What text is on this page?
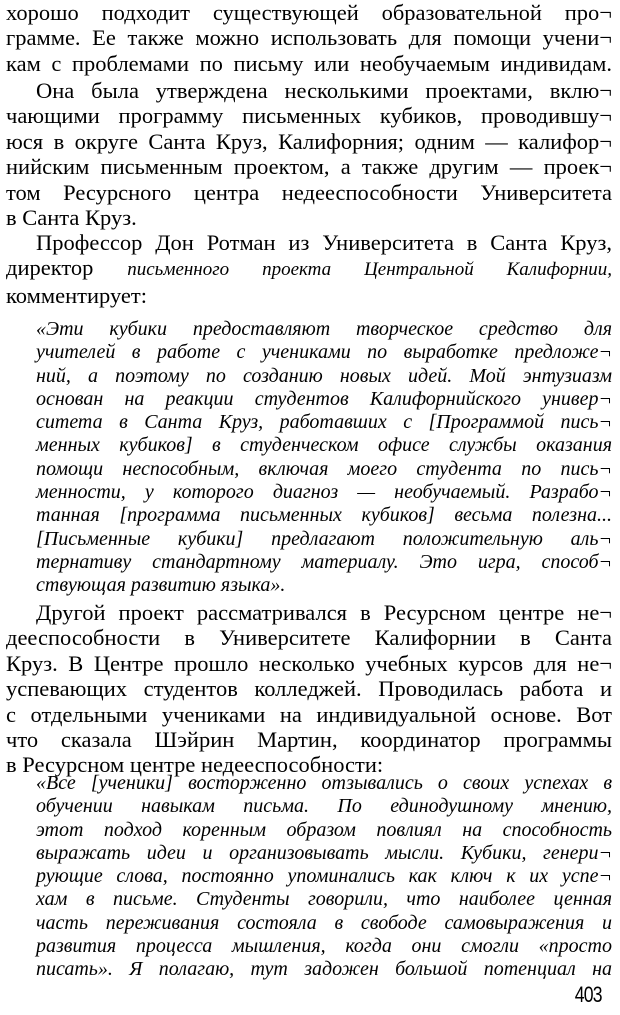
хорошо подходит существующей образовательной про¬
грамме. Ее также можно использовать для помощи учени¬
кам с проблемами по письму или необучаемым индивидам.
Она была утверждена несколькими проектами, вклю¬
чающими программу письменных кубиков, проводившу¬
юся в округе Санта Круз, Калифорния; одним — калифор¬
нийским письменным проектом, а также другим — проек¬
том Ресурсного центра недееспособности Университета
в Санта Круз.
Профессор Дон Ротман из Университета в Санта Круз,
директор письменного проекта Центральной Калифорнии,
комментирует:
«Эти кубики предоставляют творческое средство для
учителей в работе с учениками по выработке предложе¬
ний, а поэтому по созданию новых идей. Мой энтузиазм
основан на реакции студентов Калифорнийского универ¬
ситета в Санта Круз, работавших с [Программой пись¬
менных кубиков] в студенческом офисе службы оказания
помощи неспособным, включая моего студента по пись¬
менности, у которого диагноз — необучаемый. Разрабо¬
танная [программа письменных кубиков] весьма полезна...
[Письменные кубики] предлагают положительную аль¬
тернативу стандартному материалу. Это игра, способ¬
ствующая развитию языка».
Другой проект рассматривался в Ресурсном центре не¬
дееспособности в Университете Калифорнии в Санта
Круз. В Центре прошло несколько учебных курсов для не¬
успевающих студентов колледжей. Проводилась работа и
с отдельными учениками на индивидуальной основе. Вот
что сказала Шэйрин Мартин, координатор программы
в Ресурсном центре недееспособности:
«Все [ученики] восторженно отзывались о своих успехах в
обучении навыкам письма. По единодушному мнению,
этот подход коренным образом повлиял на способность
выражать идеи и организовывать мысли. Кубики, генери¬
рующие слова, постоянно упоминались как ключ к их успе¬
хам в письме. Студенты говорили, что наиболее ценная
часть переживания состояла в свободе самовыражения и
развития процесса мышления, когда они смогли «просто
писать». Я полагаю, тут задожен большой потенциал на
403
